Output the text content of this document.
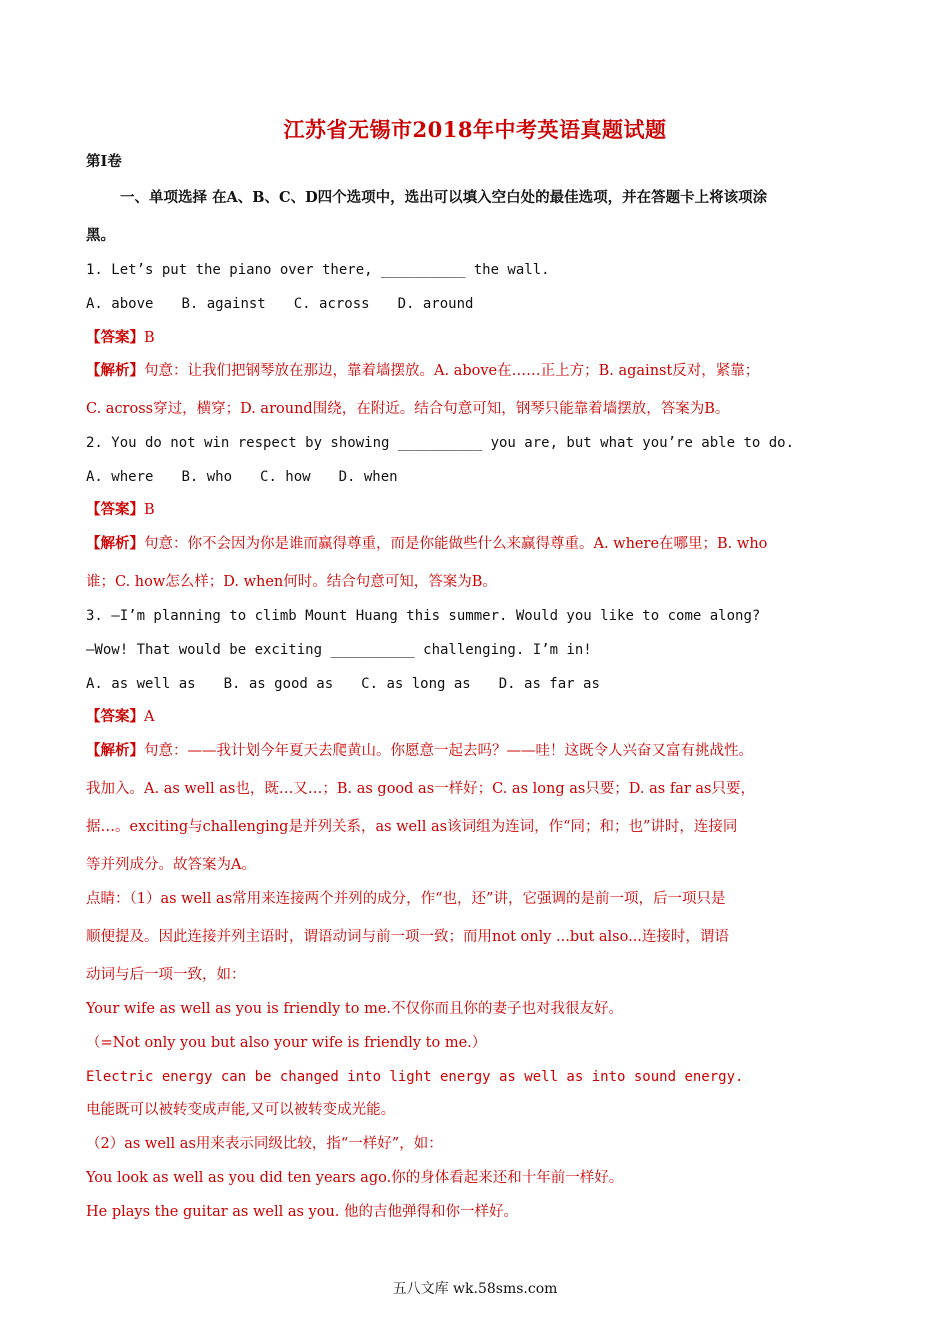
江苏省无锡市2018年中考英语真题试题
第Ⅰ卷
一、单项选择 在A、B、C、D四个选项中，选出可以填入空白处的最佳选项，并在答题卡上将该项涂
黑。
1. Let’s put the piano over there, __________ the wall.
A. above B. against C. across D. around
【答案】B
【解析】句意：让我们把钢琴放在那边，靠着墙摆放。A. above在……正上方；B. against反对，紧靠；
C. across穿过，横穿；D. around围绕，在附近。结合句意可知，钢琴只能靠着墙摆放，答案为B。
2. You do not win respect by showing __________ you are, but what you’re able to do.
A. where B. who C. how D. when
【答案】B
【解析】句意：你不会因为你是谁而赢得尊重，而是你能做些什么来赢得尊重。A. where在哪里；B. who
谁；C. how怎么样；D. when何时。结合句意可知，答案为B。
3. —I’m planning to climb Mount Huang this summer. Would you like to come along?
—Wow! That would be exciting __________ challenging. I’m in!
A. as well as B. as good as C. as long as D. as far as
【答案】A
【解析】句意：——我计划今年夏天去爬黄山。你愿意一起去吗？——哇！这既令人兴奋又富有挑战性。
我加入。A. as well as也，既…又…；B. as good as一样好；C. as long as只要；D. as far as只要，
据…。exciting与challenging是并列关系，as well as该词组为连词，作“同；和；也”讲时，连接同
等并列成分。故答案为A。
点睛：（1）as well as常用来连接两个并列的成分，作“也，还”讲，它强调的是前一项，后一项只是
顺便提及。因此连接并列主语时，谓语动词与前一项一致；而用not only ...but also...连接时，谓语
动词与后一项一致，如：
Your wife as well as you is friendly to me.不仅你而且你的妻子也对我很友好。
（=Not only you but also your wife is friendly to me.）
Electric energy can be changed into light energy as well as into sound energy.
电能既可以被转变成声能,又可以被转变成光能。
（2）as well as用来表示同级比较，指“一样好”，如：
You look as well as you did ten years ago.你的身体看起来还和十年前一样好。
He plays the guitar as well as you. 他的吉他弹得和你一样好。
五八文库 wk.58sms.com
